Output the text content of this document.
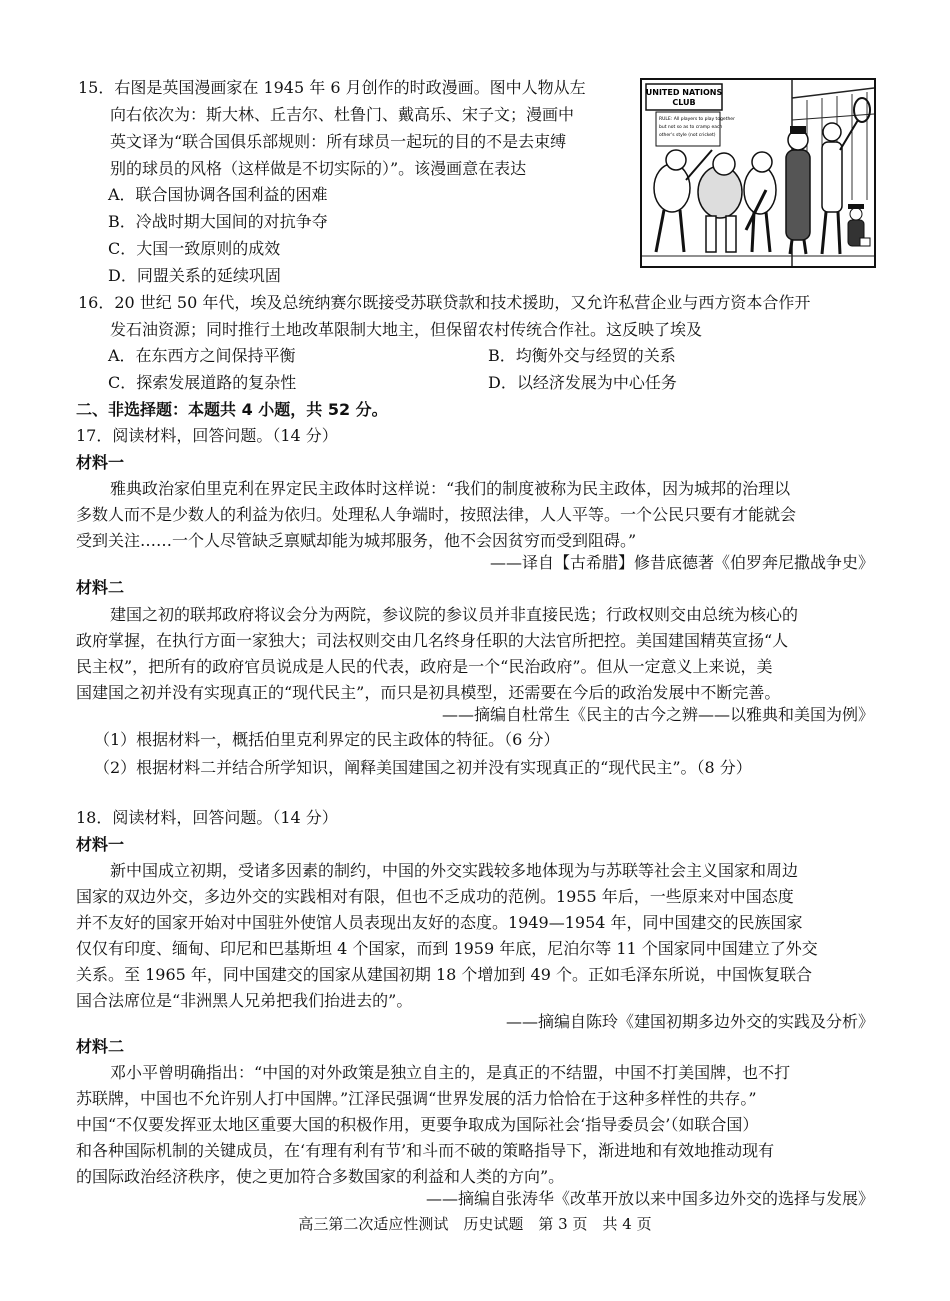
15．右图是英国漫画家在 1945 年 6 月创作的时政漫画。图中人物从左
向右依次为：斯大林、丘吉尔、杜鲁门、戴高乐、宋子文；漫画中
英文译为“联合国俱乐部规则：所有球员一起玩的目的不是去束缚
别的球员的风格（这样做是不切实际的）”。该漫画意在表达
A．联合国协调各国利益的困难
B．冷战时期大国间的对抗争夺
C．大国一致原则的成效
D．同盟关系的延续巩固
UNITED NATIONS CLUB
RULE: All players to play together but not so as to cramp each other's style (not cricket)
16．20 世纪 50 年代，埃及总统纳赛尔既接受苏联贷款和技术援助，又允许私营企业与西方资本合作开
发石油资源；同时推行土地改革限制大地主，但保留农村传统合作社。这反映了埃及
A．在东西方之间保持平衡	B．均衡外交与经贸的关系
C．探索发展道路的复杂性	D．以经济发展为中心任务
二、非选择题：本题共 4 小题，共 52 分。
17．阅读材料，回答问题。（14 分）
材料一
雅典政治家伯里克利在界定民主政体时这样说：“我们的制度被称为民主政体，因为城邦的治理以
多数人而不是少数人的利益为依归。处理私人争端时，按照法律，人人平等。一个公民只要有才能就会
受到关注……一个人尽管缺乏禀赋却能为城邦服务，他不会因贫穷而受到阻碍。”
——译自【古希腊】修昔底德著《伯罗奔尼撒战争史》
材料二
建国之初的联邦政府将议会分为两院，参议院的参议员并非直接民选；行政权则交由总统为核心的
政府掌握，在执行方面一家独大；司法权则交由几名终身任职的大法官所把控。美国建国精英宣扬“人
民主权”，把所有的政府官员说成是人民的代表，政府是一个“民治政府”。但从一定意义上来说，美
国建国之初并没有实现真正的“现代民主”，而只是初具模型，还需要在今后的政治发展中不断完善。
——摘编自杜常生《民主的古今之辨——以雅典和美国为例》
（1）根据材料一，概括伯里克利界定的民主政体的特征。（6 分）
（2）根据材料二并结合所学知识，阐释美国建国之初并没有实现真正的“现代民主”。（8 分）
18．阅读材料，回答问题。（14 分）
材料一
新中国成立初期，受诸多因素的制约，中国的外交实践较多地体现为与苏联等社会主义国家和周边
国家的双边外交，多边外交的实践相对有限，但也不乏成功的范例。1955 年后，一些原来对中国态度
并不友好的国家开始对中国驻外使馆人员表现出友好的态度。1949—1954 年，同中国建交的民族国家
仅仅有印度、缅甸、印尼和巴基斯坦 4 个国家，而到 1959 年底，尼泊尔等 11 个国家同中国建立了外交
关系。至 1965 年，同中国建交的国家从建国初期 18 个增加到 49 个。正如毛泽东所说，中国恢复联合
国合法席位是“非洲黑人兄弟把我们抬进去的”。
——摘编自陈玲《建国初期多边外交的实践及分析》
材料二
邓小平曾明确指出：“中国的对外政策是独立自主的，是真正的不结盟，中国不打美国牌，也不打
苏联牌，中国也不允许别人打中国牌。”江泽民强调“世界发展的活力恰恰在于这种多样性的共存。”
中国“不仅要发挥亚太地区重要大国的积极作用，更要争取成为国际社会‘指导委员会’（如联合国）
和各种国际机制的关键成员，在‘有理有利有节’和斗而不破的策略指导下，渐进地和有效地推动现有
的国际政治经济秩序，使之更加符合多数国家的利益和人类的方向”。
——摘编自张涛华《改革开放以来中国多边外交的选择与发展》
高三第二次适应性测试　历史试题　第 3 页　共 4 页
